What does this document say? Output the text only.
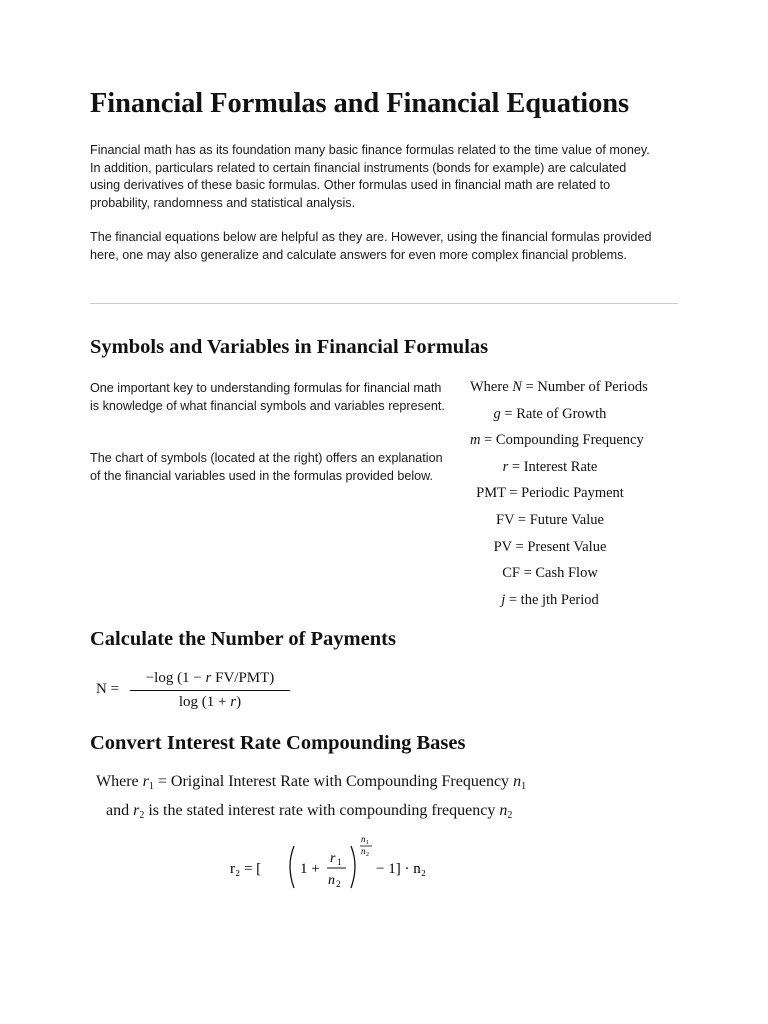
Financial Formulas and Financial Equations

Financial math has as its foundation many basic finance formulas related to the time value of money. In addition, particulars related to certain financial instruments (bonds for example) are calculated using derivatives of these basic formulas. Other formulas used in financial math are related to probability, randomness and statistical analysis.

The financial equations below are helpful as they are. However, using the financial formulas provided here, one may also generalize and calculate answers for even more complex financial problems.

Symbols and Variables in Financial Formulas

One important key to understanding formulas for financial math is knowledge of what financial symbols and variables represent.

The chart of symbols (located at the right) offers an explanation of the financial variables used in the formulas provided below.

Where N = Number of Periods
g = Rate of Growth
m = Compounding Frequency
r = Interest Rate
PMT = Periodic Payment
FV = Future Value
PV = Present Value
CF = Cash Flow
j = the jth Period
Calculate the Number of Payments
N =
−log (1 − r FV/PMT)
log (1 + r)
Convert Interest Rate Compounding Bases
Where $r_1$ = Original Interest Rate with Compounding Frequency $n_1$
and $r_2$ is the stated interest rate with compounding frequency $n_2$
r₂ = [	1 +
r 1
n 2
n 1
n 2
− 1] · n₂
